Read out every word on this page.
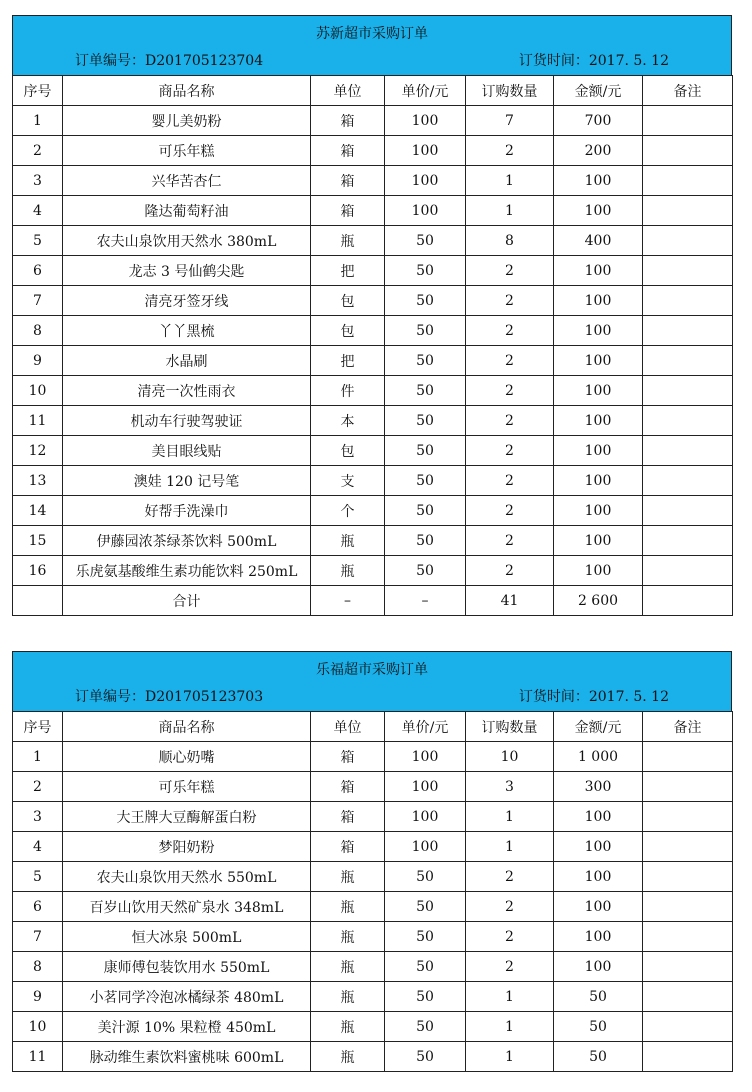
苏新超市采购订单
订单编号：D201705123704	订货时间：2017. 5. 12
序号	商品名称	单位	单价/元	订购数量	金额/元	备注
1	婴儿美奶粉	箱	100	7	700	
2	可乐年糕	箱	100	2	200	
3	兴华苦杏仁	箱	100	1	100	
4	隆达葡萄籽油	箱	100	1	100	
5	农夫山泉饮用天然水 380mL	瓶	50	8	400	
6	龙志 3 号仙鹤尖匙	把	50	2	100	
7	清亮牙签牙线	包	50	2	100	
8	丫丫黑梳	包	50	2	100	
9	水晶刷	把	50	2	100	
10	清亮一次性雨衣	件	50	2	100	
11	机动车行驶驾驶证	本	50	2	100	
12	美目眼线贴	包	50	2	100	
13	澳娃 120 记号笔	支	50	2	100	
14	好帮手洗澡巾	个	50	2	100	
15	伊藤园浓茶绿茶饮料 500mL	瓶	50	2	100	
16	乐虎氨基酸维生素功能饮料 250mL	瓶	50	2	100	
	合计	–	–	41	2 600	
乐福超市采购订单
订单编号：D201705123703	订货时间：2017. 5. 12
序号	商品名称	单位	单价/元	订购数量	金额/元	备注
1	顺心奶嘴	箱	100	10	1 000	
2	可乐年糕	箱	100	3	300	
3	大王牌大豆酶解蛋白粉	箱	100	1	100	
4	梦阳奶粉	箱	100	1	100	
5	农夫山泉饮用天然水 550mL	瓶	50	2	100	
6	百岁山饮用天然矿泉水 348mL	瓶	50	2	100	
7	恒大冰泉 500mL	瓶	50	2	100	
8	康师傅包装饮用水 550mL	瓶	50	2	100	
9	小茗同学冷泡冰橘绿茶 480mL	瓶	50	1	50	
10	美汁源 10% 果粒橙 450mL	瓶	50	1	50	
11	脉动维生素饮料蜜桃味 600mL	瓶	50	1	50	
